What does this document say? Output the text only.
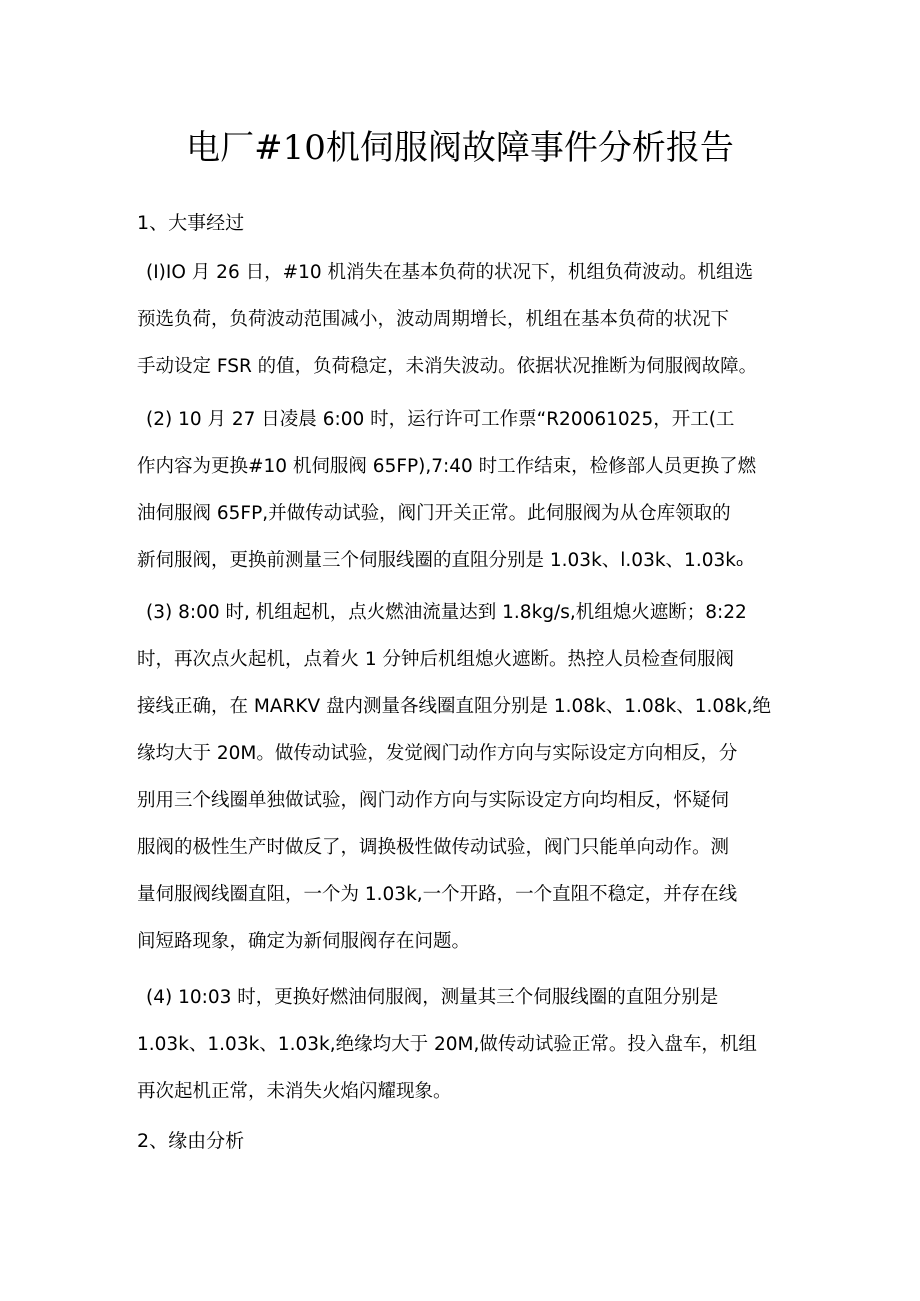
电厂#10机伺服阀故障事件分析报告
1、大事经过
(I)IO 月 26 日，#10 机消失在基本负荷的状况下，机组负荷波动。机组选
预选负荷，负荷波动范围减小，波动周期增长，机组在基本负荷的状况下
手动设定 FSR 的值，负荷稳定，未消失波动。依据状况推断为伺服阀故障。
(2) 10 月 27 日凌晨 6:00 时，运行许可工作票“R20061025，开工(工
作内容为更换#10 机伺服阀 65FP),7:40 时工作结束，检修部人员更换了燃
油伺服阀 65FP,并做传动试验，阀门开关正常。此伺服阀为从仓库领取的
新伺服阀，更换前测量三个伺服线圈的直阻分别是 1.03k、l.03k、1.03kₒ
(3) 8:00 时, 机组起机，点火燃油流量达到 1.8kg∕s,机组熄火遮断；8:22
时，再次点火起机，点着火 1 分钟后机组熄火遮断。热控人员检查伺服阀
接线正确，在 MARKV 盘内测量各线圈直阻分别是 1.08k、1.08k、1.08k,绝
缘均大于 20M。做传动试验，发觉阀门动作方向与实际设定方向相反，分
别用三个线圈单独做试验，阀门动作方向与实际设定方向均相反，怀疑伺
服阀的极性生产时做反了，调换极性做传动试验，阀门只能单向动作。测
量伺服阀线圈直阻，一个为 1.03k,一个开路，一个直阻不稳定，并存在线
间短路现象，确定为新伺服阀存在问题。
(4) 10:03 时，更换好燃油伺服阀，测量其三个伺服线圈的直阻分别是
1.03k、1.03k、1.03k,绝缘均大于 20M,做传动试验正常。投入盘车，机组
再次起机正常，未消失火焰闪耀现象。
2、缘由分析
